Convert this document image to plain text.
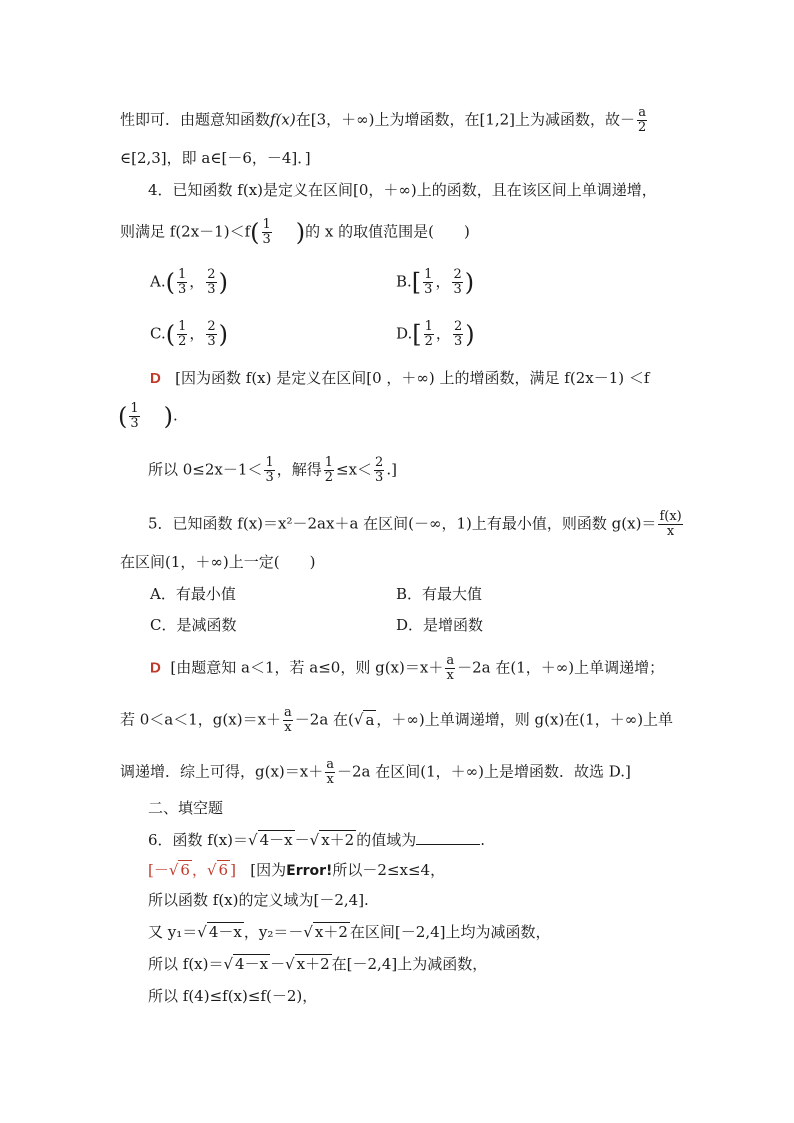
性即可．由题意知函数f(x)在[3，＋∞)上为增函数，在[1,2]上为减函数，故－ $\frac{a}{2}$
∈[2,3]，即 a∈[－6，－4]．]
4．已知函数 f(x)是定义在区间[0，＋∞)上的函数，且在该区间上单调递增，
则满足 $f(2x-1)<f( \frac{1}{3}$ )的 x 的取值范围是(　　)
$A.( \frac{1}{3}$ ， $\frac{2}{3}$ )	$B.[ \frac{1}{3}$ ， $\frac{2}{3}$ )
$C.( \frac{1}{2}$ ， $\frac{2}{3}$ )	$D.[ \frac{1}{2}$ ， $\frac{2}{3}$ )
D [因为函数 f(x) 是定义在区间[0 ，＋∞) 上的增函数，满足 f(2x－1) ＜f
( $\frac{1}{3}$ ).
所以 $0\le 2x-1< \frac{1}{3}$ ，解得 $\frac{1}{2} \le x< \frac{2}{3}$ .]
5．已知函数 f(x)＝x²－2ax＋a 在区间(－∞，1)上有最小值，则函数 $g(x)= \frac{f(x)}{x}$
在区间(1，＋∞)上一定(　　)
A．有最小值	B．有最大值
C．是减函数	D．是增函数
D [由题意知 a＜1，若 a≤0，则 $g(x)=x+ \frac{a}{x} -2a$ 在(1，＋∞)上单调递增；
若 0＜a＜1，$g(x)=x+ \frac{a}{x} -2a$ 在(√ a ，＋∞)上单调递增，则 g(x)在(1，＋∞)上单
调递增．综上可得，$g(x)=x+ \frac{a}{x} -2a$ 在区间(1，＋∞)上是增函数．故选 D.]
二、填空题
6．函数 f(x)＝√ 4－x －√ x＋2 的值域为	.
[－√ 6 ，√ 6 ] [因为Error!所以－2≤x≤4，
所以函数 f(x)的定义域为[－2,4].
又 y₁＝√ 4－x ，y₂＝－√ x＋2 在区间[－2,4]上均为减函数，
所以 f(x)＝√ 4－x －√ x＋2 在[－2,4]上为减函数，
所以 f(4)≤f(x)≤f(－2)，
